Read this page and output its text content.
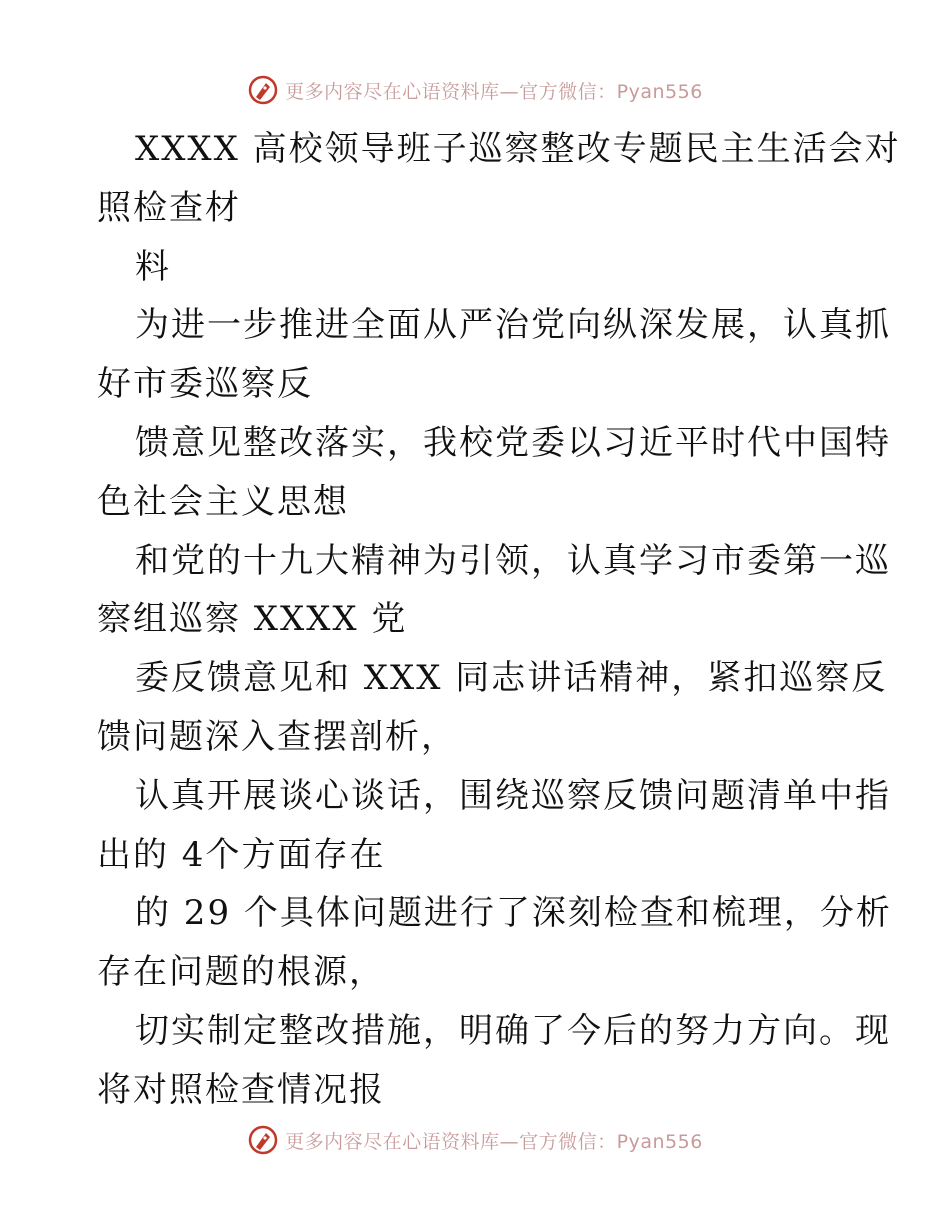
更多内容尽在心语资料库—官方微信：Pyan556
XXXX 高校领导班子巡察整改专题民主生活会对
照检查材
料
为进一步推进全面从严治党向纵深发展，认真抓
好市委巡察反
馈意见整改落实，我校党委以习近平时代中国特
色社会主义思想
和党的十九大精神为引领，认真学习市委第一巡
察组巡察 XXXX 党
委反馈意见和 XXX 同志讲话精神，紧扣巡察反
馈问题深入查摆剖析，
认真开展谈心谈话，围绕巡察反馈问题清单中指
出的 4个方面存在
的 29 个具体问题进行了深刻检查和梳理，分析
存在问题的根源，
切实制定整改措施，明确了今后的努力方向。现
将对照检查情况报
更多内容尽在心语资料库—官方微信：Pyan556
